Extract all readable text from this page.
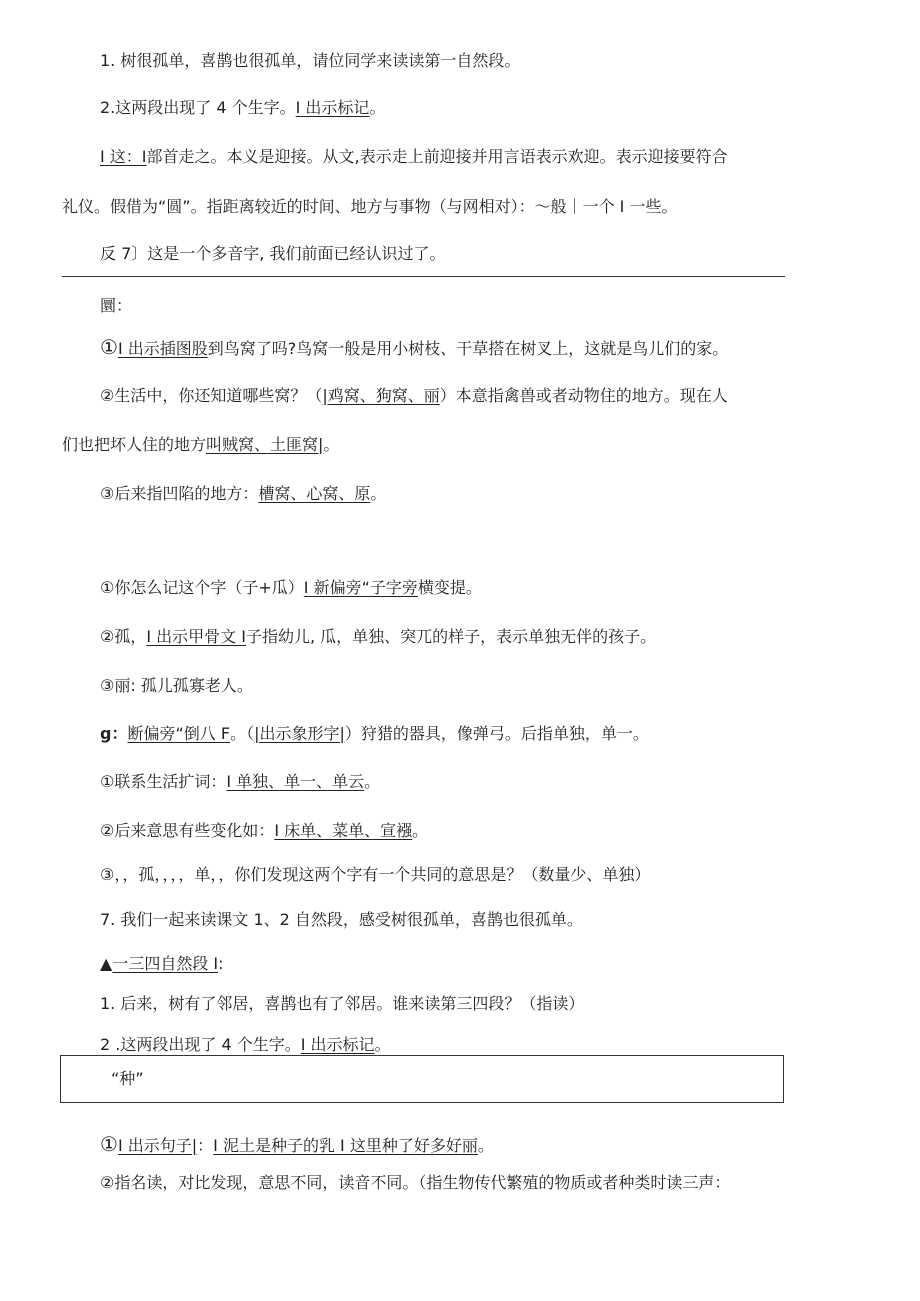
1. 树很孤单，喜鹊也很孤单，请位同学来读读第一自然段。

2.这两段出现了 4 个生字。I 出示标记。

I 这：I部首走之。本义是迎接。从文,表示走上前迎接并用言语表示欢迎。表示迎接要符合

礼仪。假借为“圆”。指距离较近的时间、地方与事物（与网相对）：～般｜一个 I 一些。

反 7〕这是一个多音字, 我们前面已经认识过了。

圜：

①I 出示插图股到鸟窝了吗?鸟窝一般是用小树枝、干草搭在树叉上，这就是鸟儿们的家。

②生活中，你还知道哪些窝？（|鸡窝、狗窝、丽）本意指禽兽或者动物住的地方。现在人

们也把坏人住的地方叫贼窝、土匪窝|。

③后来指凹陷的地方：槽窝、心窝、原。

①你怎么记这个字（子+瓜）I 新偏旁“子字旁横变提。

②孤，I 出示甲骨文 I子指幼儿, 瓜，单独、突兀的样子，表示单独无伴的孩子。

③丽: 孤儿孤寡老人。

g：断偏旁“倒八 F。（|出示象形字|）狩猎的器具，像弹弓。后指单独，单一。

①联系生活扩词：I 单独、单一、单云。

②后来意思有些变化如：I 床单、菜单、宣襁。

③，，孤，，，，单，，你们发现这两个字有一个共同的意思是？（数量少、单独）

7. 我们一起来读课文 1、2 自然段，感受树很孤单，喜鹊也很孤单。

▲一三四自然段 I:

1. 后来，树有了邻居，喜鹊也有了邻居。谁来读第三四段？（指读）

2 .这两段出现了 4 个生字。I 出示标记。

“种”

①I 出示句子|：I 泥土是种子的乳 I 这里种了好多好丽。

②指名读，对比发现，意思不同，读音不同。（指生物传代繁殖的物质或者种类时读三声：
